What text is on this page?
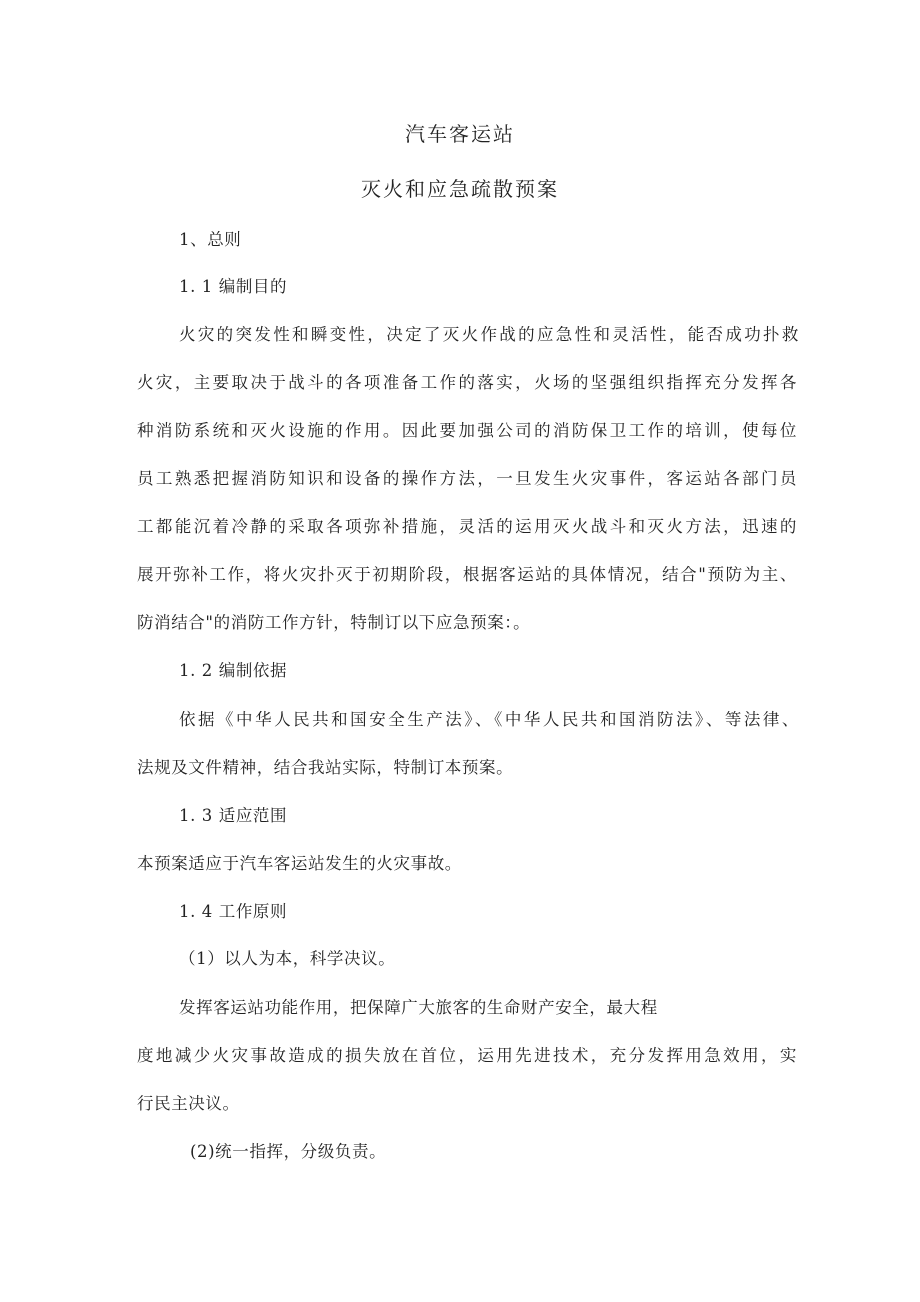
汽车客运站
灭火和应急疏散预案
1、总则
1. 1 编制目的
火灾的突发性和瞬变性，决定了灭火作战的应急性和灵活性，能否成功扑救
火灾，主要取决于战斗的各项准备工作的落实，火场的坚强组织指挥充分发挥各
种消防系统和灭火设施的作用。因此要加强公司的消防保卫工作的培训，使每位
员工熟悉把握消防知识和设备的操作方法，一旦发生火灾事件，客运站各部门员
工都能沉着冷静的采取各项弥补措施，灵活的运用灭火战斗和灭火方法，迅速的
展开弥补工作，将火灾扑灭于初期阶段，根据客运站的具体情况，结合"预防为主、
防消结合"的消防工作方针，特制订以下应急预案：。
1. 2 编制依据
依据《中华人民共和国安全生产法》、《中华人民共和国消防法》、等法律、
法规及文件精神，结合我站实际，特制订本预案。
1. 3 适应范围
本预案适应于汽车客运站发生的火灾事故。
1. 4 工作原则
（1）以人为本，科学决议。
发挥客运站功能作用，把保障广大旅客的生命财产安全，最大程
度地减少火灾事故造成的损失放在首位，运用先进技术，充分发挥用急效用，实
行民主决议。
(2)统一指挥，分级负责。
